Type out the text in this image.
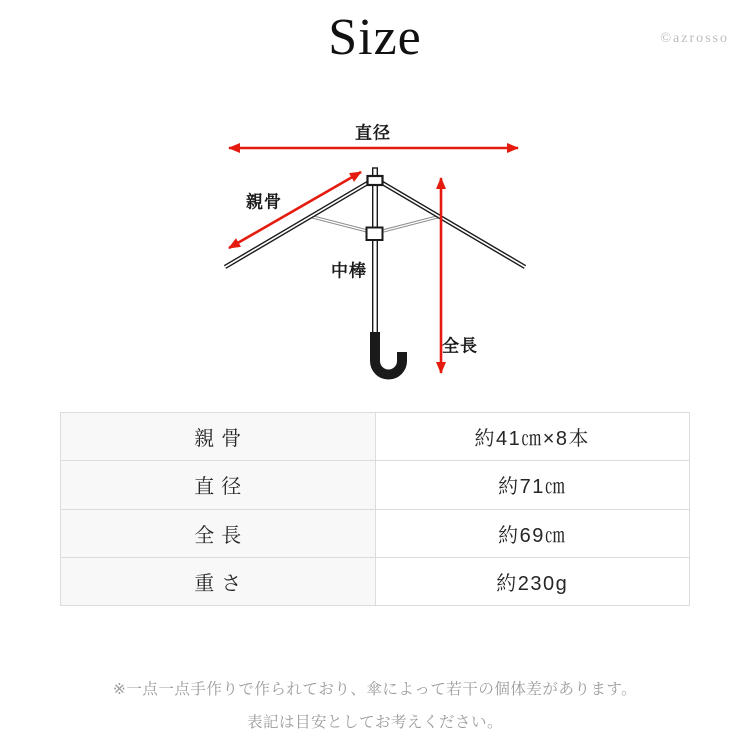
Size	©azrosso
直径
親骨
中棒
全長
親骨	約41㎝×8本
直径	約71㎝
全長	約69㎝
重さ	約230g

※一点一点手作りで作られており、傘によって若干の個体差があります。

表記は目安としてお考えください。
